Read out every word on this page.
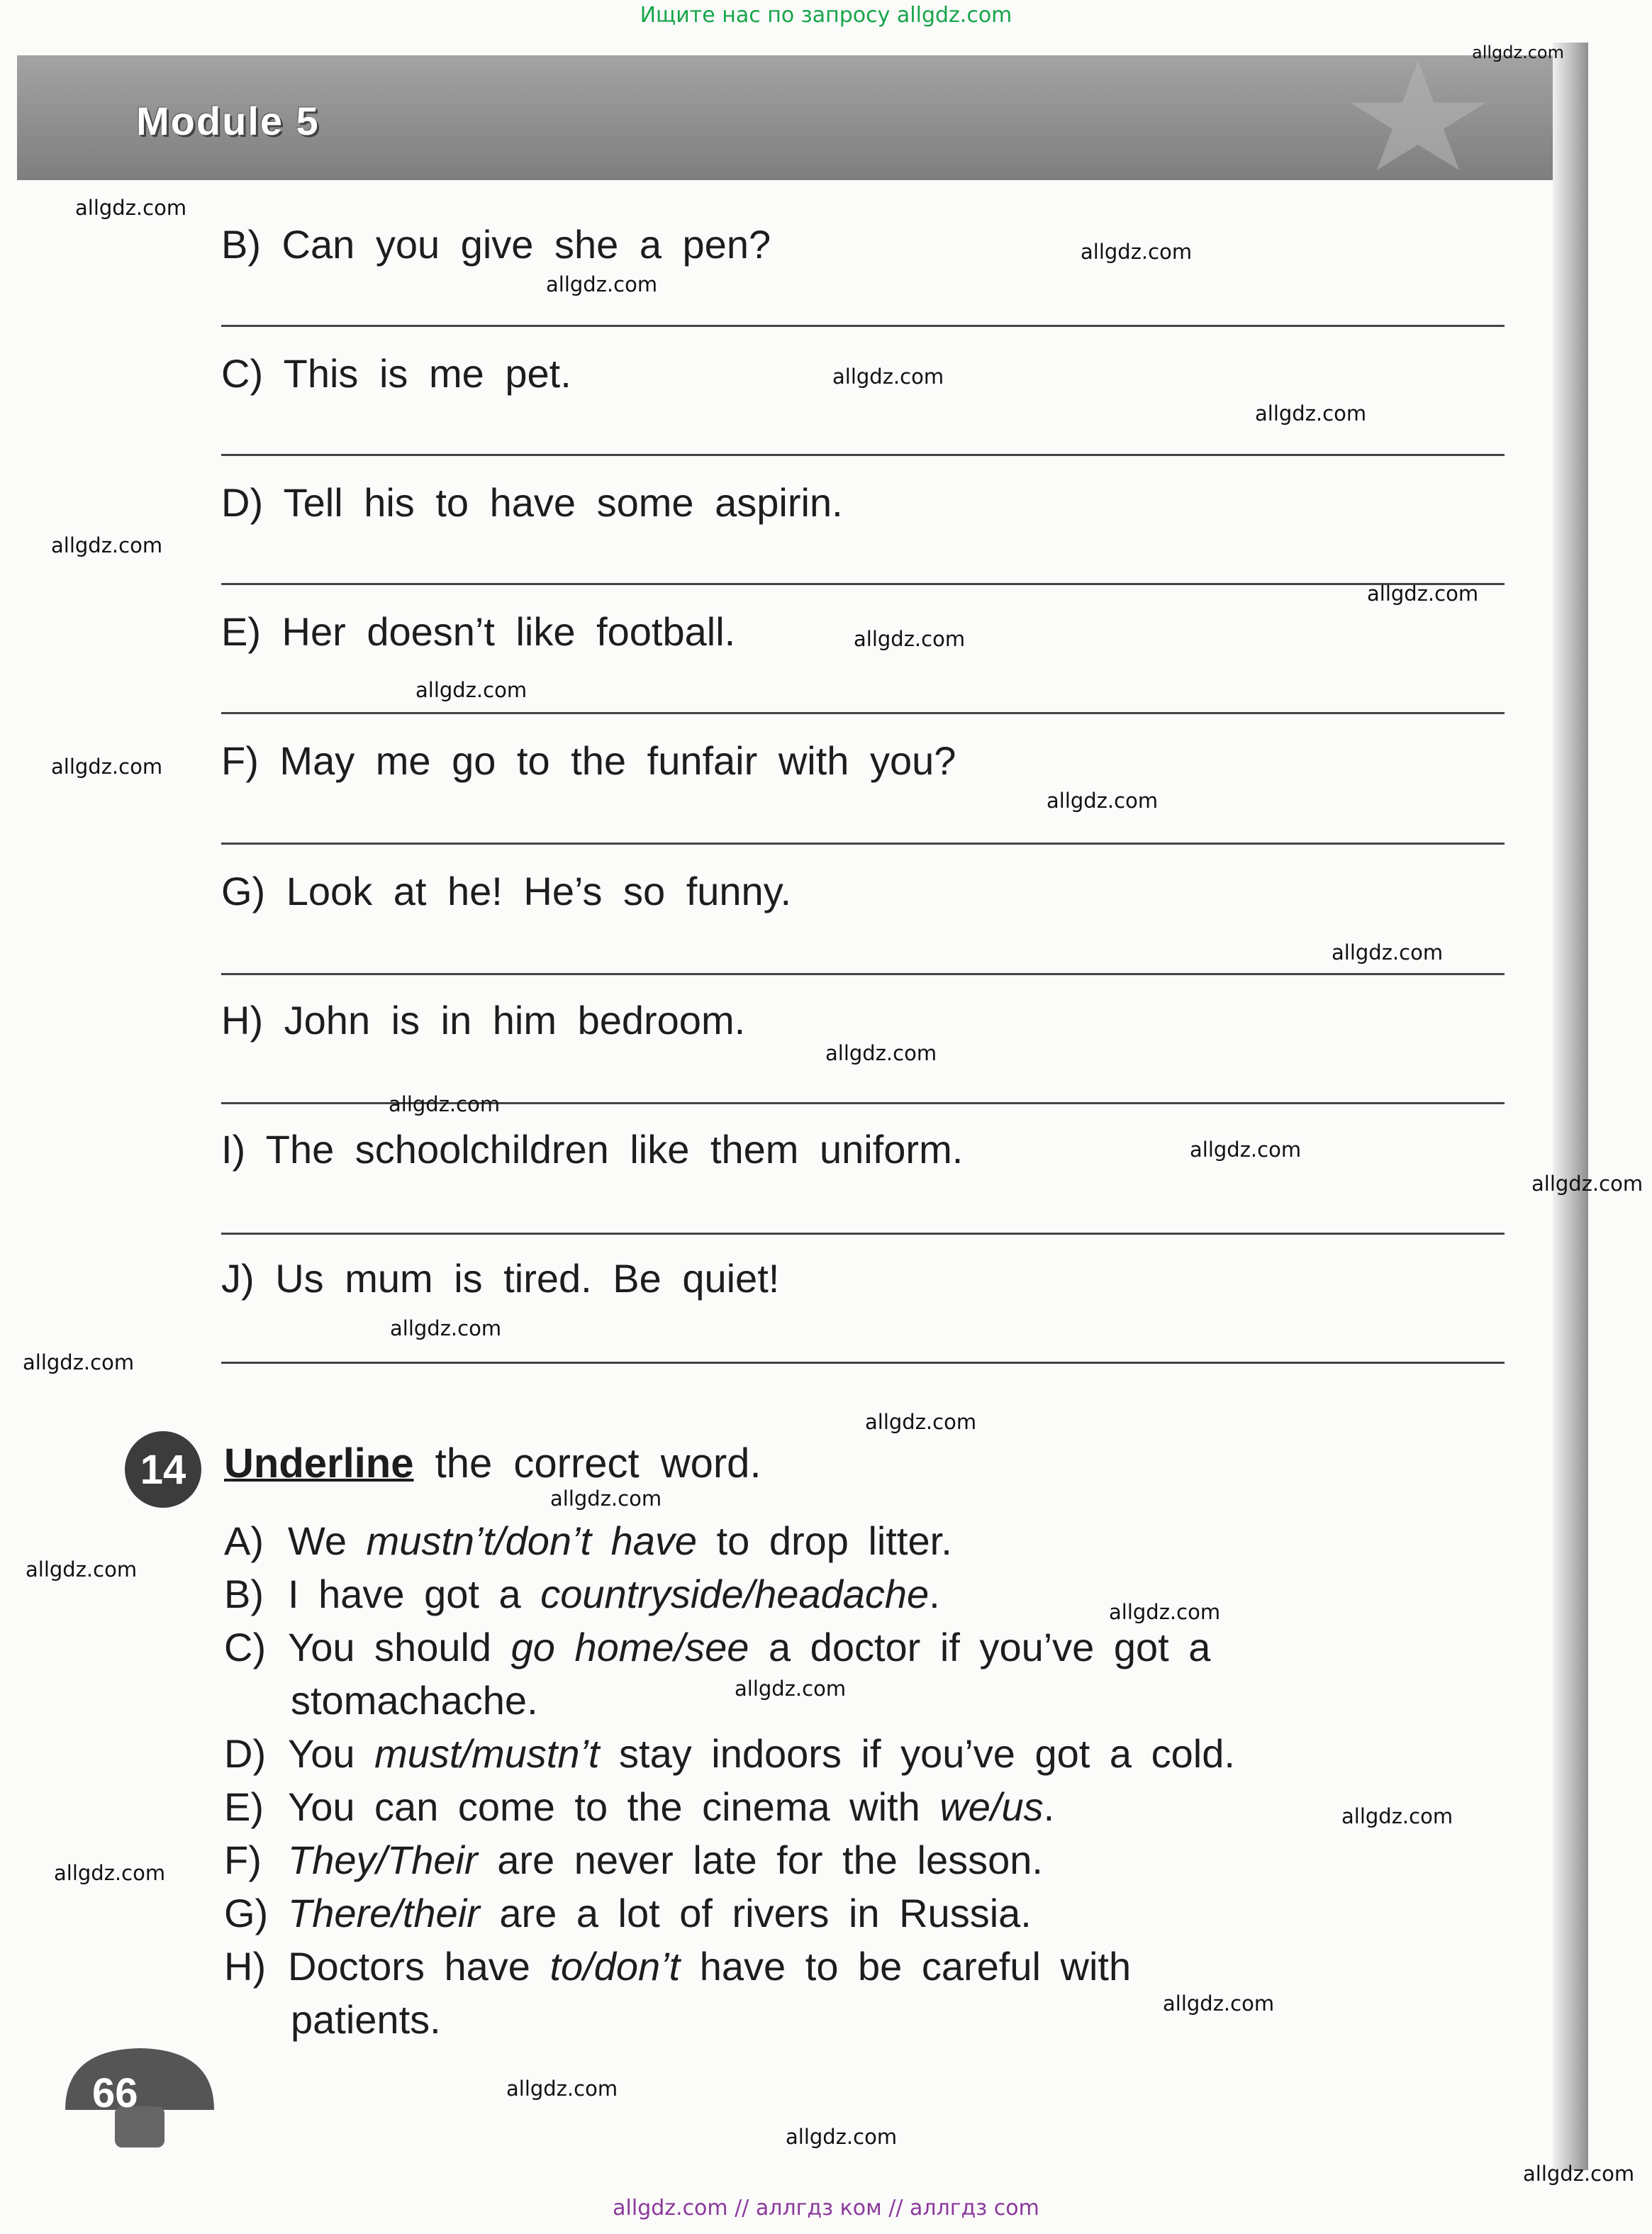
Ищите нас по запросу allgdz.com
Module 5
B) Can you give she a pen?
C) This is me pet.
D) Tell his to have some aspirin.
E) Her doesn’t like football.
F) May me go to the funfair with you?
G) Look at he! He’s so funny.
H) John is in him bedroom.
I) The schoolchildren like them uniform.
J) Us mum is tired. Be quiet!
14 Underline the correct word.
A) We mustn’t/don’t have to drop litter.
B) I have got a countryside/headache.
C) You should go home/see a doctor if you’ve got a
stomachache.
D) You must/mustn’t stay indoors if you’ve got a cold.
E) You can come to the cinema with we/us.
F) They/Their are never late for the lesson.
G) There/their are a lot of rivers in Russia.
H) Doctors have to/don’t have to be careful with
patients.
66
allgdz.com
allgdz.com
allgdz.com
allgdz.com
allgdz.com
allgdz.com
allgdz.com
allgdz.com
allgdz.com
allgdz.com
allgdz.com
allgdz.com
allgdz.com
allgdz.com
allgdz.com
allgdz.com
allgdz.com
allgdz.com
allgdz.com
allgdz.com
allgdz.com
allgdz.com
allgdz.com
allgdz.com
allgdz.com
allgdz.com
allgdz.com
allgdz.com
allgdz.com
allgdz.com
allgdz.com // аллгдз ком // аллгдз com
